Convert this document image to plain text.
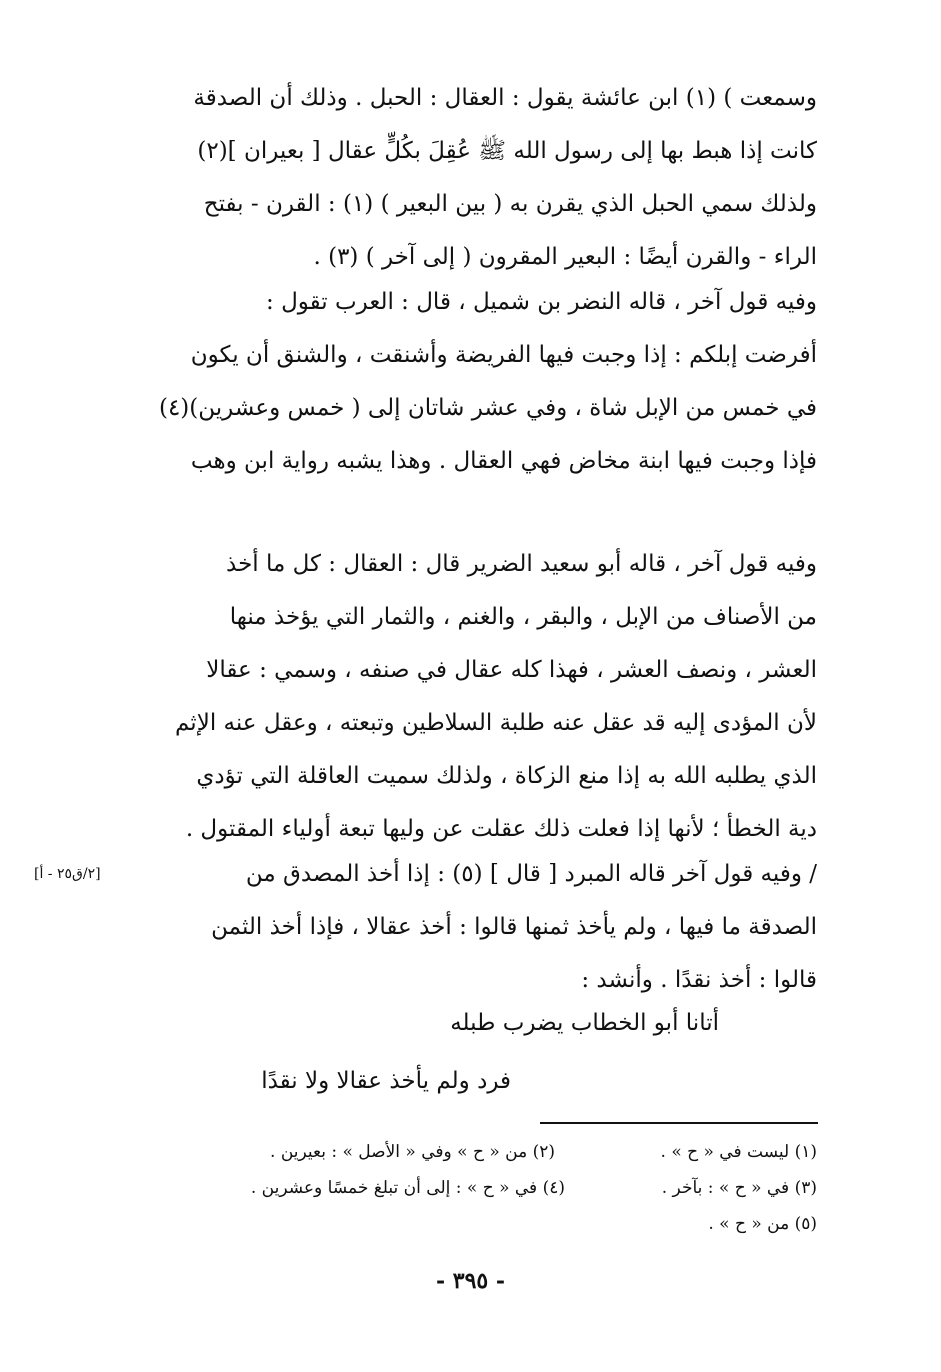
وسمعت ) (١) ابن عائشة يقول : العقال : الحبل . وذلك أن الصدقة
كانت إذا هبط بها إلى رسول الله ﷺ عُقِلَ بكُلٍّ عقال [ بعيران ](٢)
ولذلك سمي الحبل الذي يقرن به ( بين البعير ) (١) : القرن - بفتح
الراء - والقرن أيضًا : البعير المقرون ( إلى آخر ) (٣) .
وفيه قول آخر ، قاله النضر بن شميل ، قال : العرب تقول :
أفرضت إبلكم : إذا وجبت فيها الفريضة وأشنقت ، والشنق أن يكون
في خمس من الإبل شاة ، وفي عشر شاتان إلى ( خمس وعشرين)(٤)
فإذا وجبت فيها ابنة مخاض فهي العقال . وهذا يشبه رواية ابن وهب
وفيه قول آخر ، قاله أبو سعيد الضرير قال : العقال : كل ما أخذ
من الأصناف من الإبل ، والبقر ، والغنم ، والثمار التي يؤخذ منها
العشر ، ونصف العشر ، فهذا كله عقال في صنفه ، وسمي : عقالا
لأن المؤدى إليه قد عقل عنه طلبة السلاطين وتبعته ، وعقل عنه الإثم
الذي يطلبه الله به إذا منع الزكاة ، ولذلك سميت العاقلة التي تؤدي
دية الخطأ ؛ لأنها إذا فعلت ذلك عقلت عن وليها تبعة أولياء المقتول .
/ وفيه قول آخر قاله المبرد [ قال ] (٥) : إذا أخذ المصدق من
الصدقة ما فيها ، ولم يأخذ ثمنها قالوا : أخذ عقالا ، فإذا أخذ الثمن
قالوا : أخذ نقدًا . وأنشد :
[٢/ق٢٥ - أ]
أتانا أبو الخطاب يضرب طبله
فرد ولم يأخذ عقالا ولا نقدًا
(١) ليست في « ح » .
(٢) من « ح » وفي « الأصل » : بعيرين .
(٣) في « ح » : بآخر .
(٤) في « ح » : إلى أن تبلغ خمسًا وعشرين .
(٥) من « ح » .
- ٣٩٥ -
